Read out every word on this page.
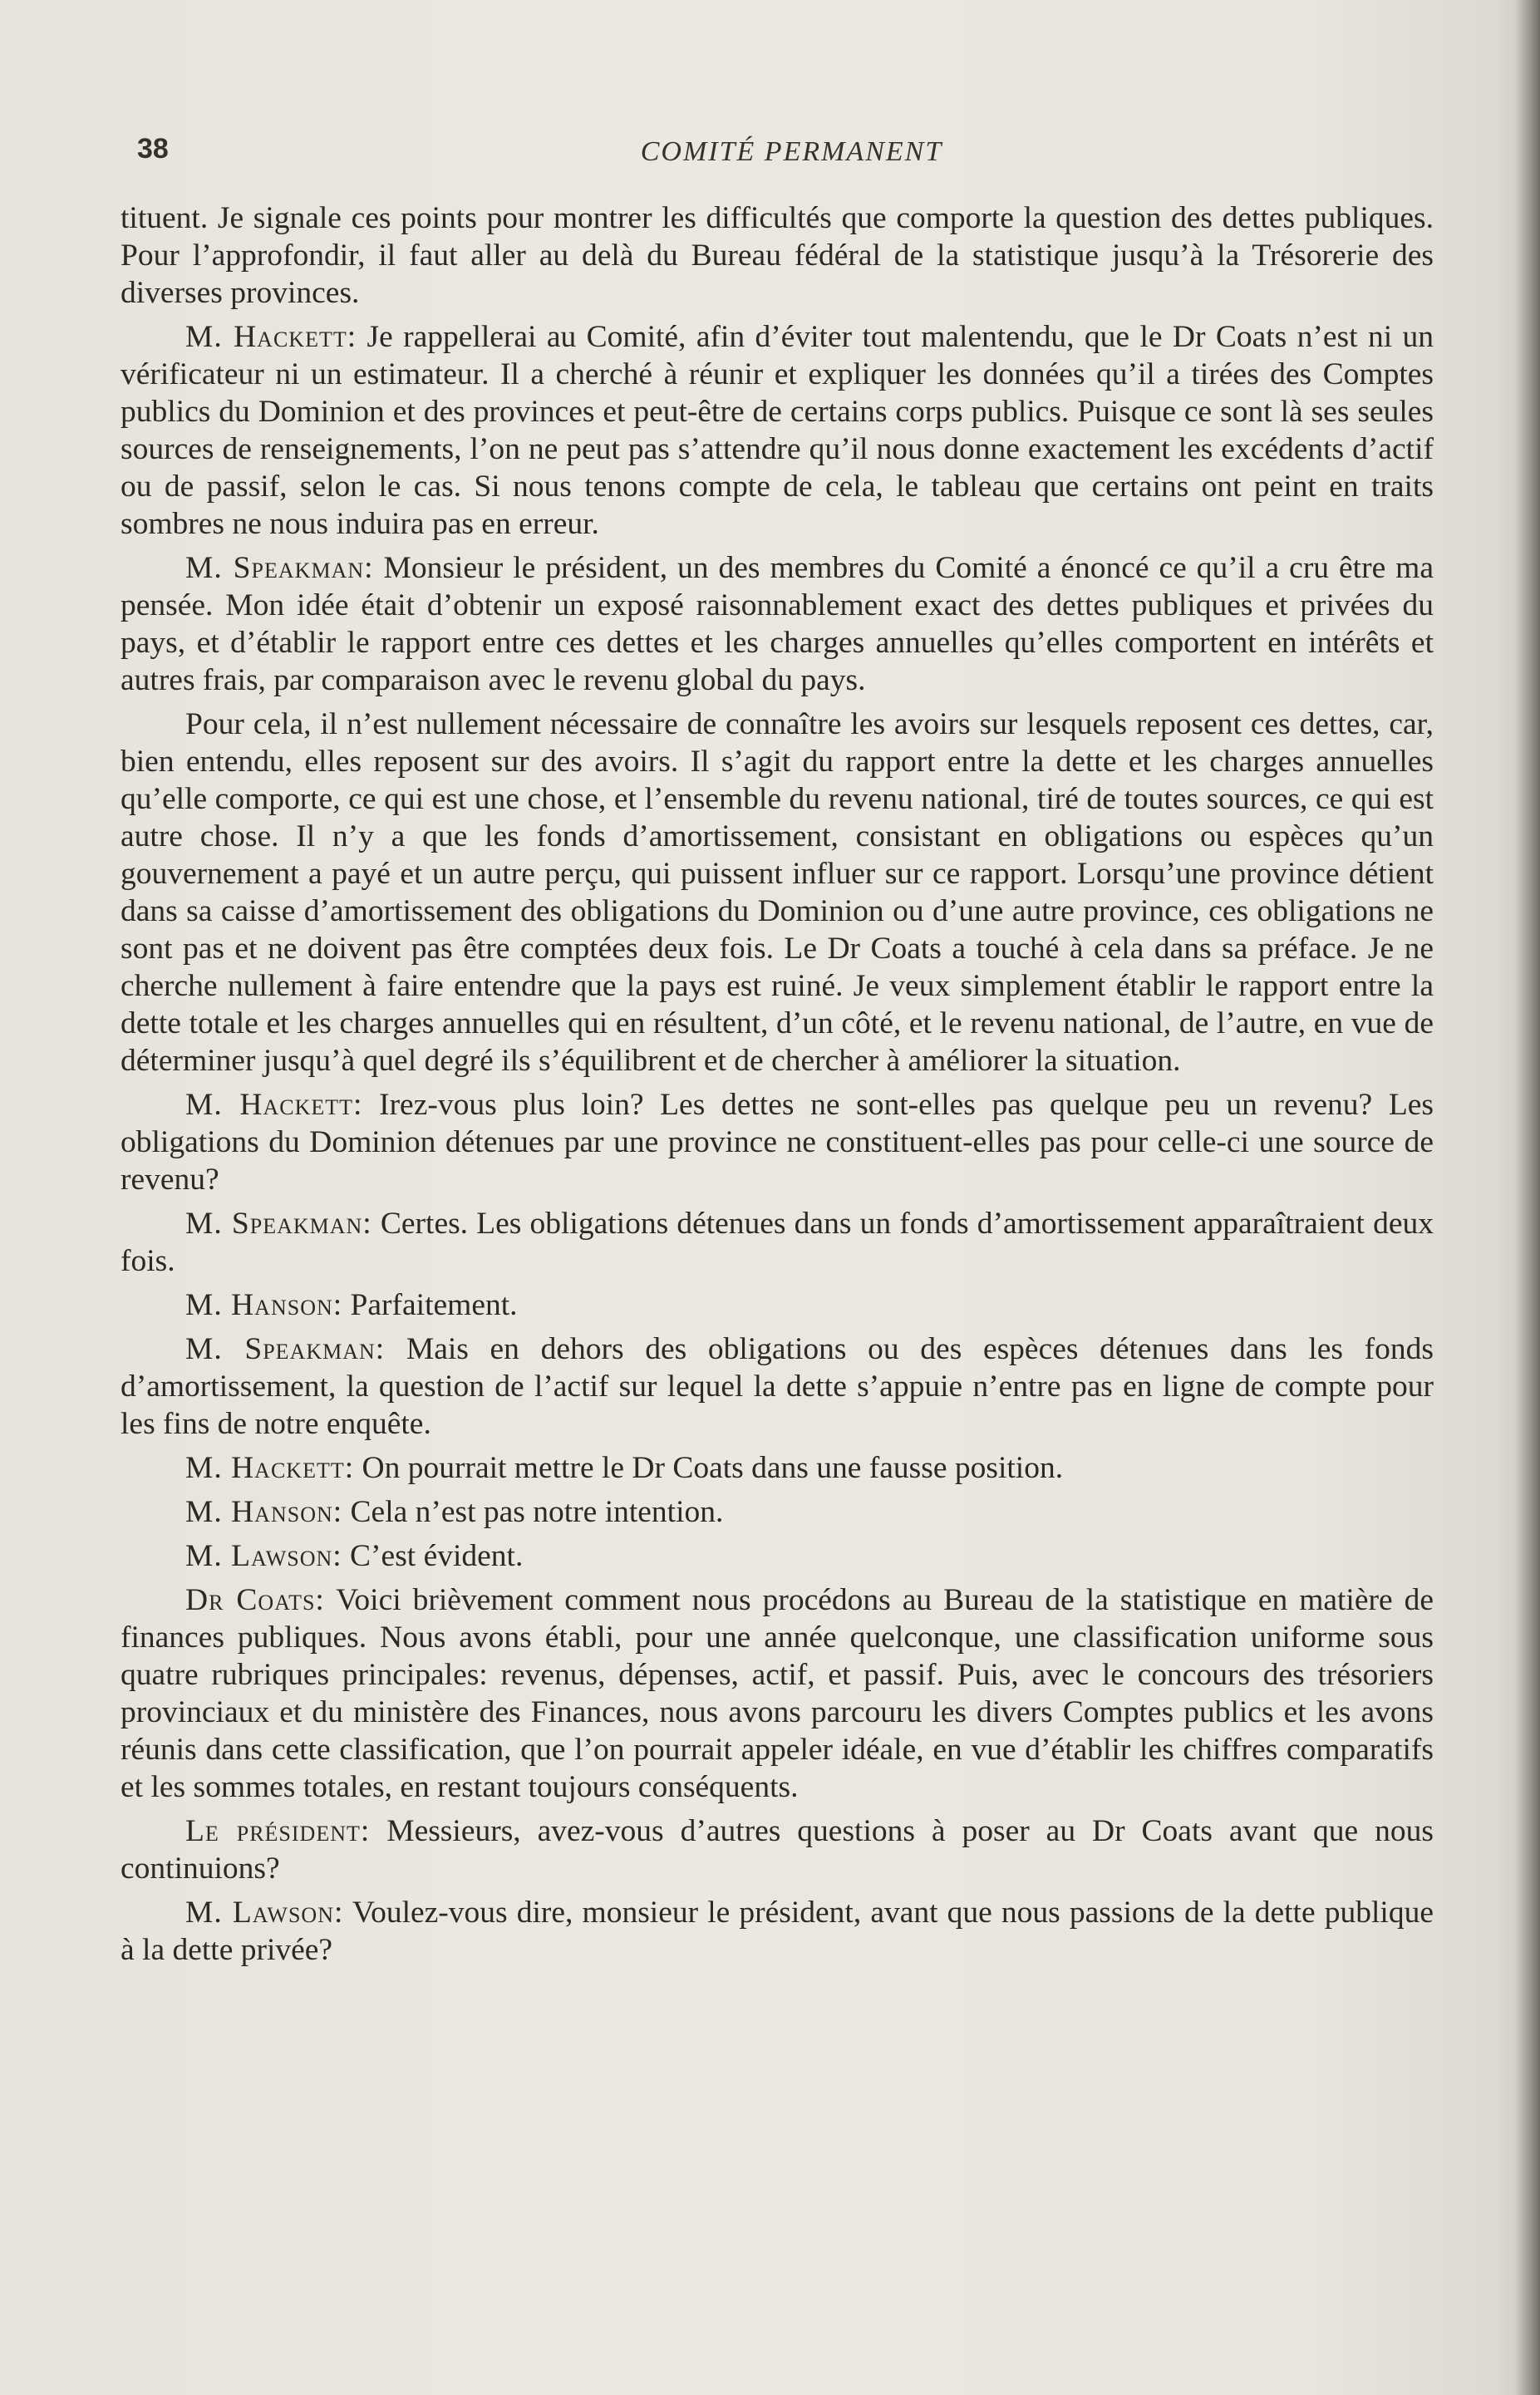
38	COMITÉ PERMANENT

tituent. Je signale ces points pour montrer les difficultés que comporte la question des dettes publiques. Pour l’approfondir, il faut aller au delà du Bureau fédéral de la statistique jusqu’à la Trésorerie des diverses provinces.

M. Hackett: Je rappellerai au Comité, afin d’éviter tout malentendu, que le Dr Coats n’est ni un vérificateur ni un estimateur. Il a cherché à réunir et expliquer les données qu’il a tirées des Comptes publics du Dominion et des provinces et peut-être de certains corps publics. Puisque ce sont là ses seules sources de renseignements, l’on ne peut pas s’attendre qu’il nous donne exactement les excédents d’actif ou de passif, selon le cas. Si nous tenons compte de cela, le tableau que certains ont peint en traits sombres ne nous induira pas en erreur.

M. Speakman: Monsieur le président, un des membres du Comité a énoncé ce qu’il a cru être ma pensée. Mon idée était d’obtenir un exposé raisonnablement exact des dettes publiques et privées du pays, et d’établir le rapport entre ces dettes et les charges annuelles qu’elles comportent en intérêts et autres frais, par comparaison avec le revenu global du pays.

Pour cela, il n’est nullement nécessaire de connaître les avoirs sur lesquels reposent ces dettes, car, bien entendu, elles reposent sur des avoirs. Il s’agit du rapport entre la dette et les charges annuelles qu’elle comporte, ce qui est une chose, et l’ensemble du revenu national, tiré de toutes sources, ce qui est autre chose. Il n’y a que les fonds d’amortissement, consistant en obligations ou espèces qu’un gouvernement a payé et un autre perçu, qui puissent influer sur ce rapport. Lorsqu’une province détient dans sa caisse d’amortissement des obligations du Dominion ou d’une autre province, ces obligations ne sont pas et ne doivent pas être comptées deux fois. Le Dr Coats a touché à cela dans sa préface. Je ne cherche nullement à faire entendre que la pays est ruiné. Je veux simplement établir le rapport entre la dette totale et les charges annuelles qui en résultent, d’un côté, et le revenu national, de l’autre, en vue de déterminer jusqu’à quel degré ils s’équilibrent et de chercher à améliorer la situation.

M. Hackett: Irez-vous plus loin? Les dettes ne sont-elles pas quelque peu un revenu? Les obligations du Dominion détenues par une province ne constituent-elles pas pour celle-ci une source de revenu?

M. Speakman: Certes. Les obligations détenues dans un fonds d’amortissement apparaîtraient deux fois.

M. Hanson: Parfaitement.

M. Speakman: Mais en dehors des obligations ou des espèces détenues dans les fonds d’amortissement, la question de l’actif sur lequel la dette s’appuie n’entre pas en ligne de compte pour les fins de notre enquête.

M. Hackett: On pourrait mettre le Dr Coats dans une fausse position.

M. Hanson: Cela n’est pas notre intention.

M. Lawson: C’est évident.

Dr Coats: Voici brièvement comment nous procédons au Bureau de la statistique en matière de finances publiques. Nous avons établi, pour une année quelconque, une classification uniforme sous quatre rubriques principales: revenus, dépenses, actif, et passif. Puis, avec le concours des trésoriers provinciaux et du ministère des Finances, nous avons parcouru les divers Comptes publics et les avons réunis dans cette classification, que l’on pourrait appeler idéale, en vue d’établir les chiffres comparatifs et les sommes totales, en restant toujours conséquents.

Le président: Messieurs, avez-vous d’autres questions à poser au Dr Coats avant que nous continuions?

M. Lawson: Voulez-vous dire, monsieur le président, avant que nous passions de la dette publique à la dette privée?
